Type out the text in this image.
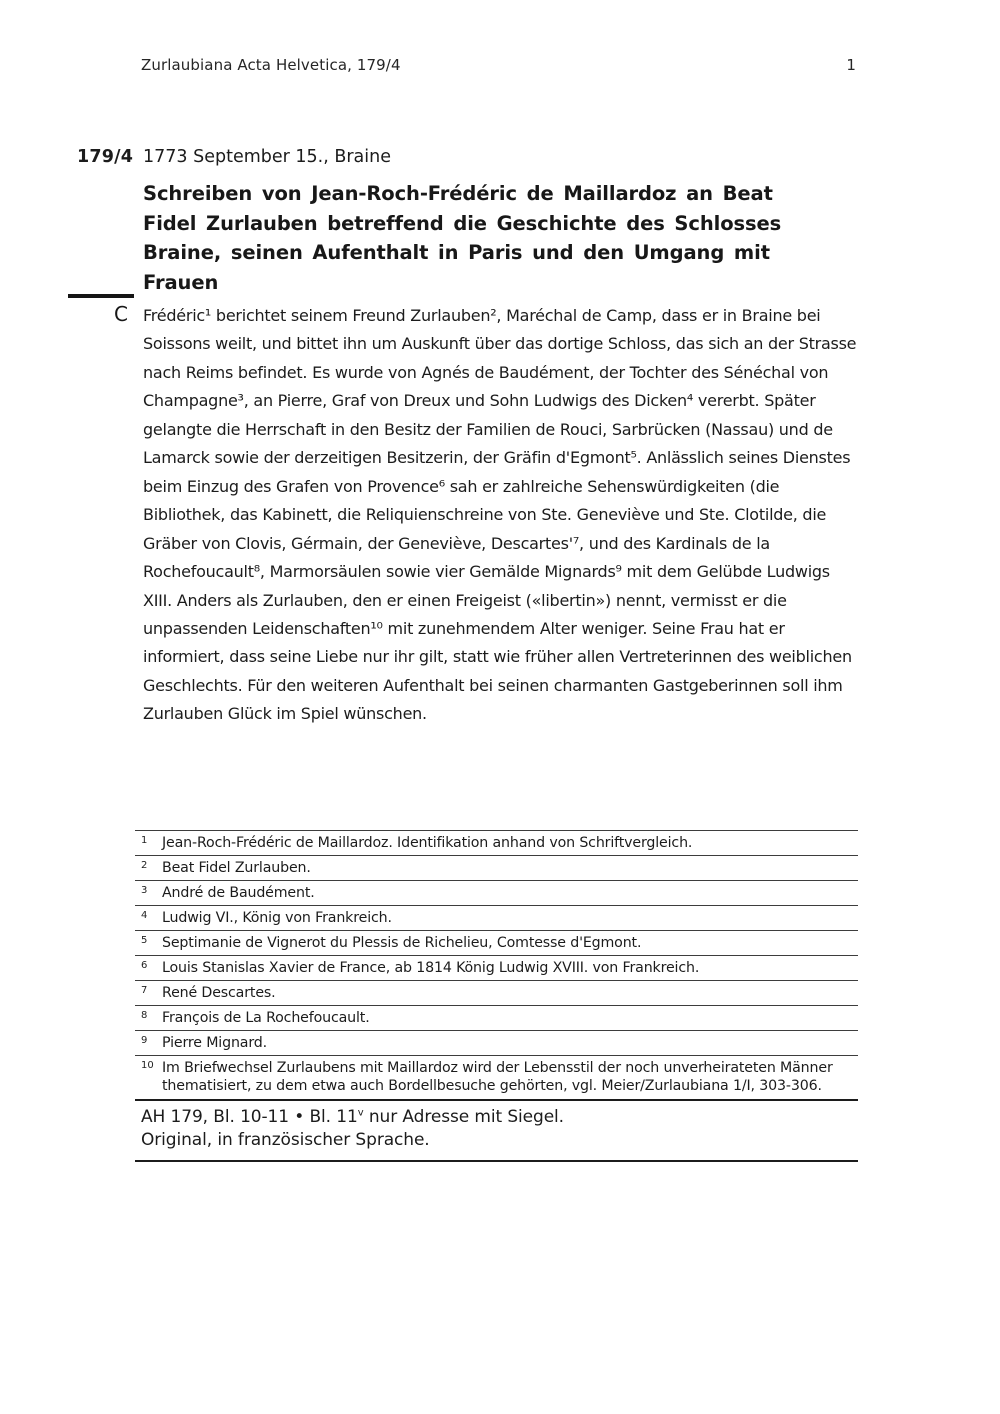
Zurlaubiana Acta Helvetica, 179/4	1
179/4 1773 September 15., Braine
Schreiben von Jean-Roch-Frédéric de Maillardoz an Beat Fidel Zurlauben betreffend die Geschichte des Schlosses Braine, seinen Aufenthalt in Paris und den Umgang mit Frauen
C Frédéric¹ berichtet seinem Freund Zurlauben², Maréchal de Camp, dass er in Braine bei Soissons weilt, und bittet ihn um Auskunft über das dortige Schloss, das sich an der Strasse nach Reims befindet. Es wurde von Agnés de Baudément, der Tochter des Sénéchal von Champagne³, an Pierre, Graf von Dreux und Sohn Ludwigs des Dicken⁴ vererbt. Später gelangte die Herrschaft in den Besitz der Familien de Rouci, Sarbrücken (Nassau) und de Lamarck sowie der derzeitigen Besitzerin, der Gräfin d'Egmont⁵. Anlässlich seines Dienstes beim Einzug des Grafen von Provence⁶ sah er zahlreiche Sehenswürdigkeiten (die Bibliothek, das Kabinett, die Reliquienschreine von Ste. Geneviève und Ste. Clotilde, die Gräber von Clovis, Gérmain, der Geneviève, Descartes'⁷, und des Kardinals de la Rochefoucault⁸, Marmorsäulen sowie vier Gemälde Mignards⁹ mit dem Gelübde Ludwigs XIII. Anders als Zurlauben, den er einen Freigeist («libertin») nennt, vermisst er die unpassenden Leidenschaften¹⁰ mit zunehmendem Alter weniger. Seine Frau hat er informiert, dass seine Liebe nur ihr gilt, statt wie früher allen Vertreterinnen des weiblichen Geschlechts. Für den weiteren Aufenthalt bei seinen charmanten Gastgeberinnen soll ihm Zurlauben Glück im Spiel wünschen.

1	Jean-Roch-Frédéric de Maillardoz. Identifikation anhand von Schriftvergleich.
2	Beat Fidel Zurlauben.
3	André de Baudément.
4	Ludwig VI., König von Frankreich.
5	Septimanie de Vignerot du Plessis de Richelieu, Comtesse d'Egmont.
6	Louis Stanislas Xavier de France, ab 1814 König Ludwig XVIII. von Frankreich.
7	René Descartes.
8	François de La Rochefoucault.
9	Pierre Mignard.
10 Im Briefwechsel Zurlaubens mit Maillardoz wird der Lebensstil der noch unverheirateten Männer thematisiert, zu dem etwa auch Bordellbesuche gehörten, vgl. Meier/Zurlaubiana 1/I, 303-306.
AH 179, Bl. 10-11 • Bl. 11$^v$ nur Adresse mit Siegel.
Original, in französischer Sprache.
